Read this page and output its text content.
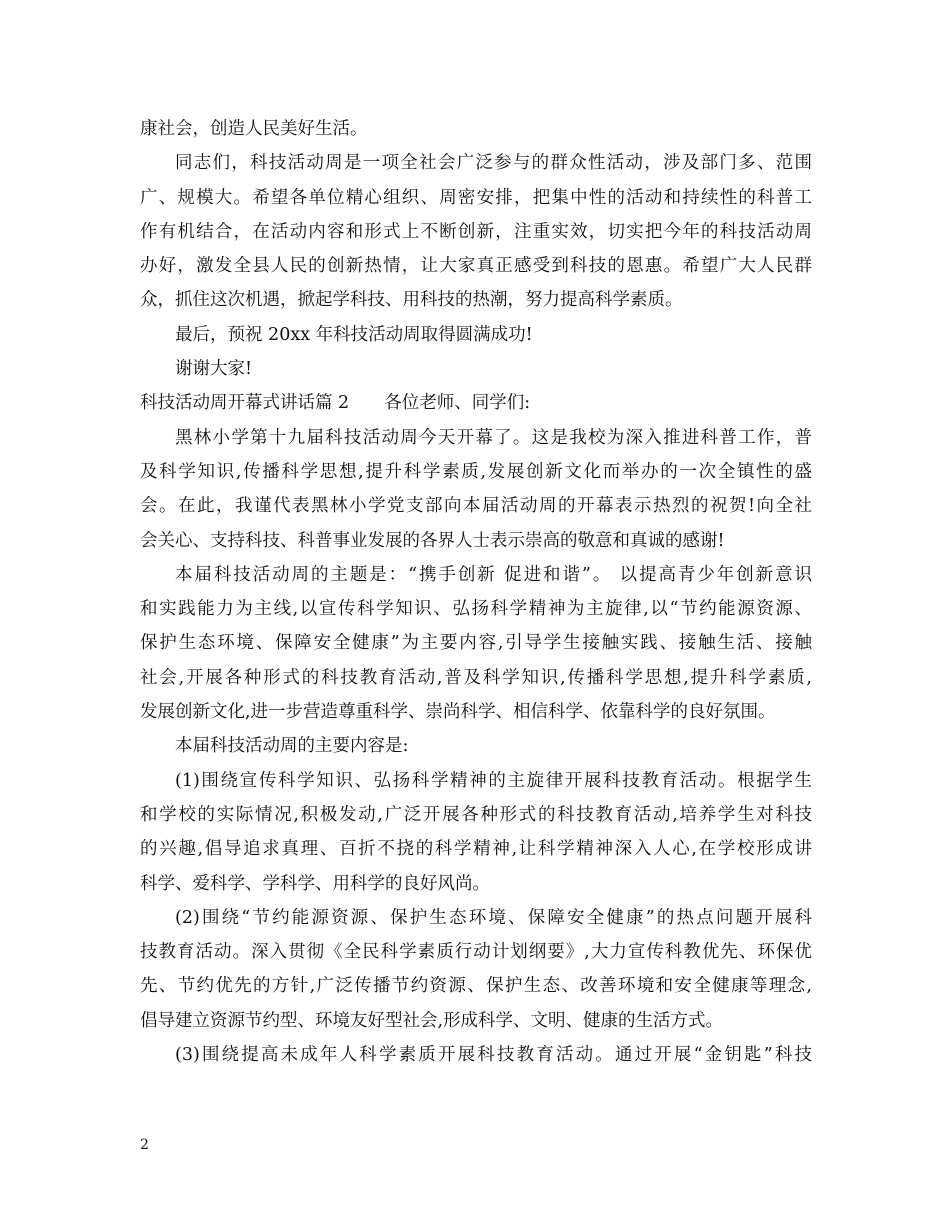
康社会，创造人民美好生活。
同志们，科技活动周是一项全社会广泛参与的群众性活动，涉及部门多、范围
广、规模大。希望各单位精心组织、周密安排，把集中性的活动和持续性的科普工
作有机结合，在活动内容和形式上不断创新，注重实效，切实把今年的科技活动周
办好，激发全县人民的创新热情，让大家真正感受到科技的恩惠。希望广大人民群
众，抓住这次机遇，掀起学科技、用科技的热潮，努力提高科学素质。
最后，预祝 20xx 年科技活动周取得圆满成功!
谢谢大家!
科技活动周开幕式讲话篇 2　　各位老师、同学们:
黑林小学第十九届科技活动周今天开幕了。这是我校为深入推进科普工作，普
及科学知识,传播科学思想,提升科学素质,发展创新文化而举办的一次全镇性的盛
会。在此，我谨代表黑林小学党支部向本届活动周的开幕表示热烈的祝贺!向全社
会关心、支持科技、科普事业发展的各界人士表示崇高的敬意和真诚的感谢!
本届科技活动周的主题是：“携手创新 促进和谐”。 以提高青少年创新意识
和实践能力为主线,以宣传科学知识、弘扬科学精神为主旋律,以“节约能源资源、
保护生态环境、保障安全健康”为主要内容,引导学生接触实践、接触生活、接触
社会,开展各种形式的科技教育活动,普及科学知识,传播科学思想,提升科学素质,
发展创新文化,进一步营造尊重科学、崇尚科学、相信科学、依靠科学的良好氛围。
本届科技活动周的主要内容是:
(1)围绕宣传科学知识、弘扬科学精神的主旋律开展科技教育活动。根据学生
和学校的实际情况,积极发动,广泛开展各种形式的科技教育活动,培养学生对科技
的兴趣,倡导追求真理、百折不挠的科学精神,让科学精神深入人心,在学校形成讲
科学、爱科学、学科学、用科学的良好风尚。
(2)围绕“节约能源资源、保护生态环境、保障安全健康”的热点问题开展科
技教育活动。深入贯彻《全民科学素质行动计划纲要》,大力宣传科教优先、环保优
先、节约优先的方针,广泛传播节约资源、保护生态、改善环境和安全健康等理念,
倡导建立资源节约型、环境友好型社会,形成科学、文明、健康的生活方式。
(3)围绕提高未成年人科学素质开展科技教育活动。通过开展“金钥匙”科技
2
